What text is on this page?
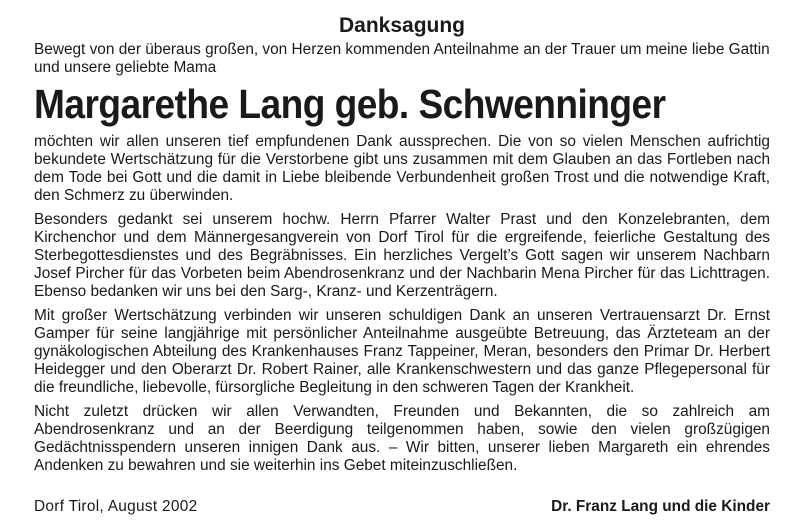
Danksagung

Bewegt von der überaus großen, von Herzen kommenden Anteilnahme an der Trauer um meine liebe Gattin und unsere geliebte Mama

Margarethe Lang geb. Schwenninger

möchten wir allen unseren tief empfundenen Dank aussprechen. Die von so vielen Menschen aufrichtig bekundete Wertschätzung für die Verstorbene gibt uns zusammen mit dem Glauben an das Fortleben nach dem Tode bei Gott und die damit in Liebe bleibende Verbundenheit großen Trost und die notwendige Kraft, den Schmerz zu überwinden.

Besonders gedankt sei unserem hochw. Herrn Pfarrer Walter Prast und den Konzelebranten, dem Kirchenchor und dem Männergesangverein von Dorf Tirol für die ergreifende, feierliche Gestaltung des Sterbegottesdienstes und des Begräbnisses. Ein herzliches Vergelt’s Gott sagen wir unserem Nachbarn Josef Pircher für das Vorbeten beim Abendrosenkranz und der Nachbarin Mena Pircher für das Lichttragen. Ebenso bedanken wir uns bei den Sarg-, Kranz- und Kerzenträgern.

Mit großer Wertschätzung verbinden wir unseren schuldigen Dank an unseren Vertrauensarzt Dr. Ernst Gamper für seine langjährige mit persönlicher Anteilnahme ausgeübte Betreuung, das Ärzteteam an der gynäkologischen Abteilung des Krankenhauses Franz Tappeiner, Meran, besonders den Primar Dr. Herbert Heidegger und den Oberarzt Dr. Robert Rainer, alle Krankenschwestern und das ganze Pflegepersonal für die freundliche, liebevolle, fürsorgliche Begleitung in den schweren Tagen der Krankheit.

Nicht zuletzt drücken wir allen Verwandten, Freunden und Bekannten, die so zahlreich am Abendrosenkranz und an der Beerdigung teilgenommen haben, sowie den vielen großzügigen Gedächtnisspendern unseren innigen Dank aus. – Wir bitten, unserer lieben Margareth ein ehrendes Andenken zu bewahren und sie weiterhin ins Gebet miteinzuschließen.

Dorf Tirol, August 2002	Dr. Franz Lang und die Kinder
